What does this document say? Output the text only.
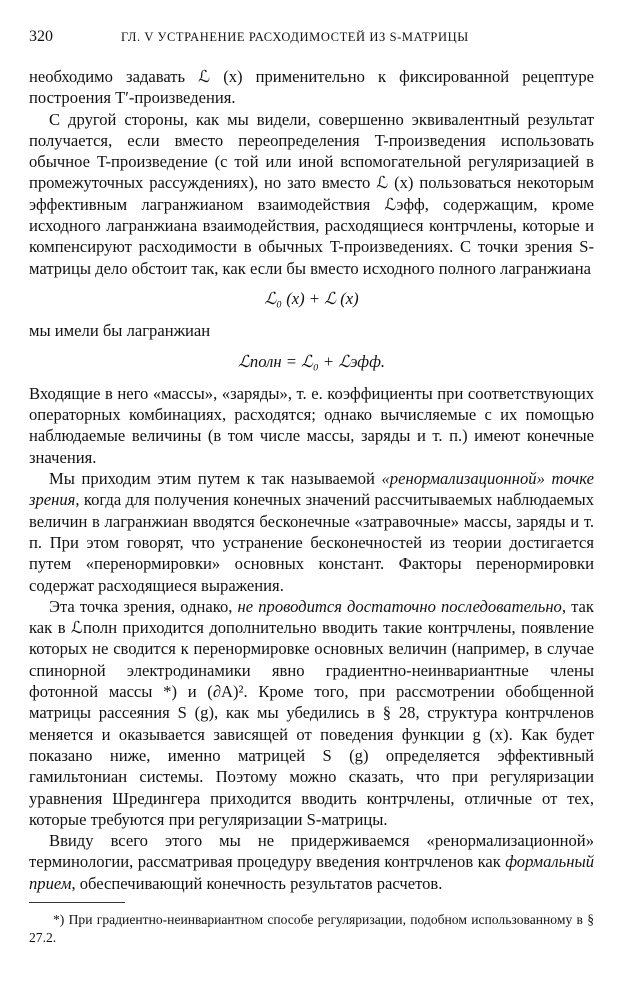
320	ГЛ. V УСТРАНЕНИЕ РАСХОДИМОСТЕЙ ИЗ S-МАТРИЦЫ

необходимо задавать ℒ (x) применительно к фиксированной рецептуре построения T′-произведения.

С другой стороны, как мы видели, совершенно эквивалентный результат получается, если вместо переопределения T-произведения использовать обычное T-произведение (с той или иной вспомогательной регуляризацией в промежуточных рассуждениях), но зато вместо ℒ (x) пользоваться некоторым эффективным лагранжианом взаимодействия ℒэфф, содержащим, кроме исходного лагранжиана взаимодействия, расходящиеся контрчлены, которые и компенсируют расходимости в обычных T-произведениях. С точки зрения S-матрицы дело обстоит так, как если бы вместо исходного полного лагранжиана

ℒ₀ (x) + ℒ (x)

мы имели бы лагранжиан

ℒполн = ℒ₀ + ℒэфф.

Входящие в него «массы», «заряды», т. е. коэффициенты при соответствующих операторных комбинациях, расходятся; однако вычисляемые с их помощью наблюдаемые величины (в том числе массы, заряды и т. п.) имеют конечные значения.

Мы приходим этим путем к так называемой «ренормализационной» точке зрения, когда для получения конечных значений рассчитываемых наблюдаемых величин в лагранжиан вводятся бесконечные «затравочные» массы, заряды и т. п. При этом говорят, что устранение бесконечностей из теории достигается путем «перенормировки» основных констант. Факторы перенормировки содержат расходящиеся выражения.

Эта точка зрения, однако, не проводится достаточно последовательно, так как в ℒполн приходится дополнительно вводить такие контрчлены, появление которых не сводится к перенормировке основных величин (например, в случае спинорной электродинамики явно градиентно-неинвариантные члены фотонной массы *) и (∂A)². Кроме того, при рассмотрении обобщенной матрицы рассеяния S (g), как мы убедились в § 28, структура контрчленов меняется и оказывается зависящей от поведения функции g (x). Как будет показано ниже, именно матрицей S (g) определяется эффективный гамильтониан системы. Поэтому можно сказать, что при регуляризации уравнения Шредингера приходится вводить контрчлены, отличные от тех, которые требуются при регуляризации S-матрицы.

Ввиду всего этого мы не придерживаемся «ренормализационной» терминологии, рассматривая процедуру введения контрчленов как формальный прием, обеспечивающий конечность результатов расчетов.

*) При градиентно-неинвариантном способе регуляризации, подобном использованному в § 27.2.
